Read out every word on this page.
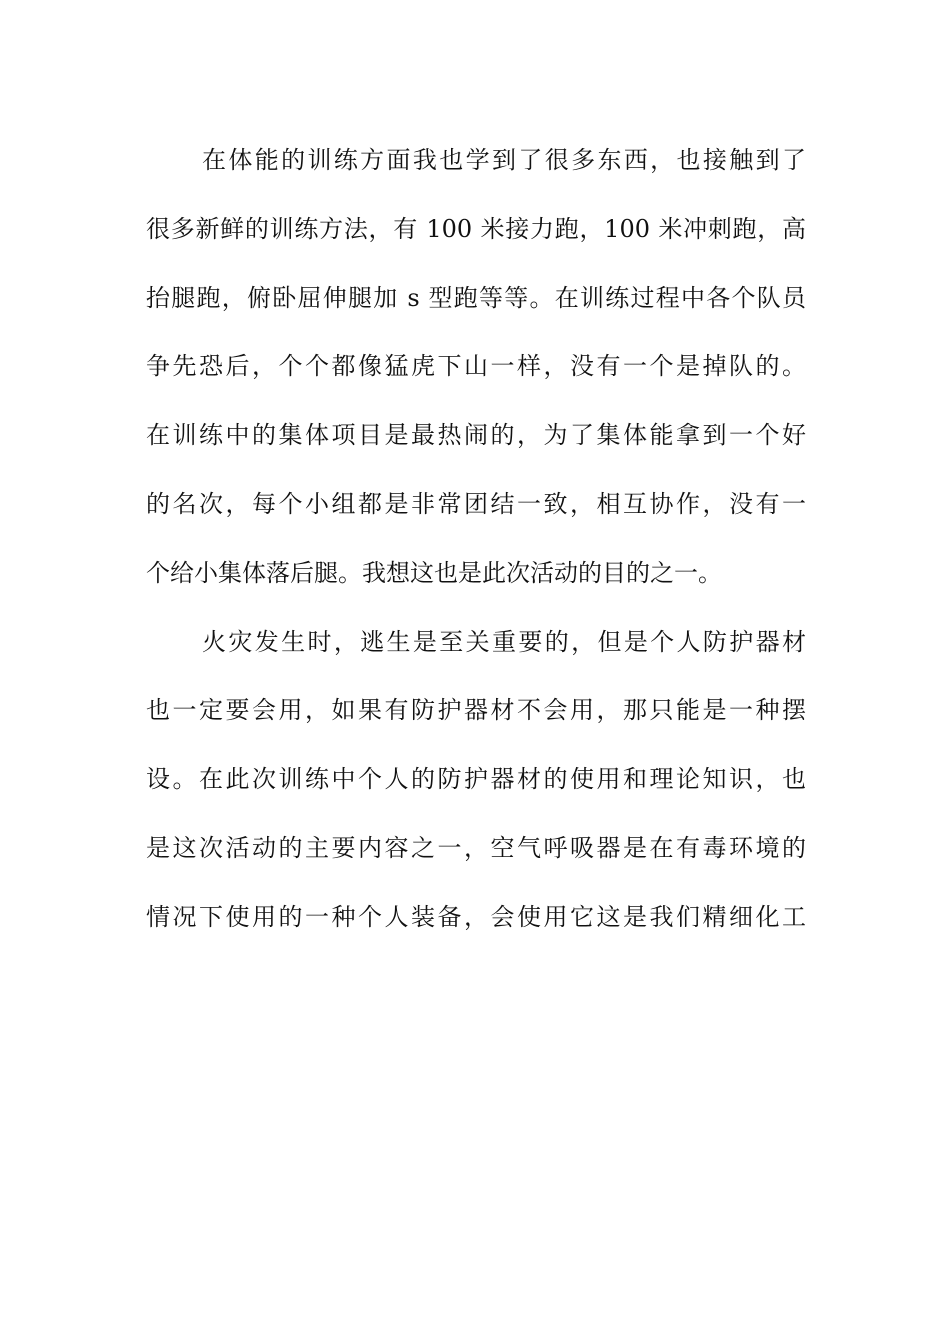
在体能的训练方面我也学到了很多东西，也接触到了
很多新鲜的训练方法，有 100 米接力跑，100 米冲刺跑，高
抬腿跑，俯卧屈伸腿加 s 型跑等等。在训练过程中各个队员
争先恐后，个个都像猛虎下山一样，没有一个是掉队的。
在训练中的集体项目是最热闹的，为了集体能拿到一个好
的名次，每个小组都是非常团结一致，相互协作，没有一
个给小集体落后腿。我想这也是此次活动的目的之一。
火灾发生时，逃生是至关重要的，但是个人防护器材
也一定要会用，如果有防护器材不会用，那只能是一种摆
设。在此次训练中个人的防护器材的使用和理论知识，也
是这次活动的主要内容之一，空气呼吸器是在有毒环境的
情况下使用的一种个人装备，会使用它这是我们精细化工
